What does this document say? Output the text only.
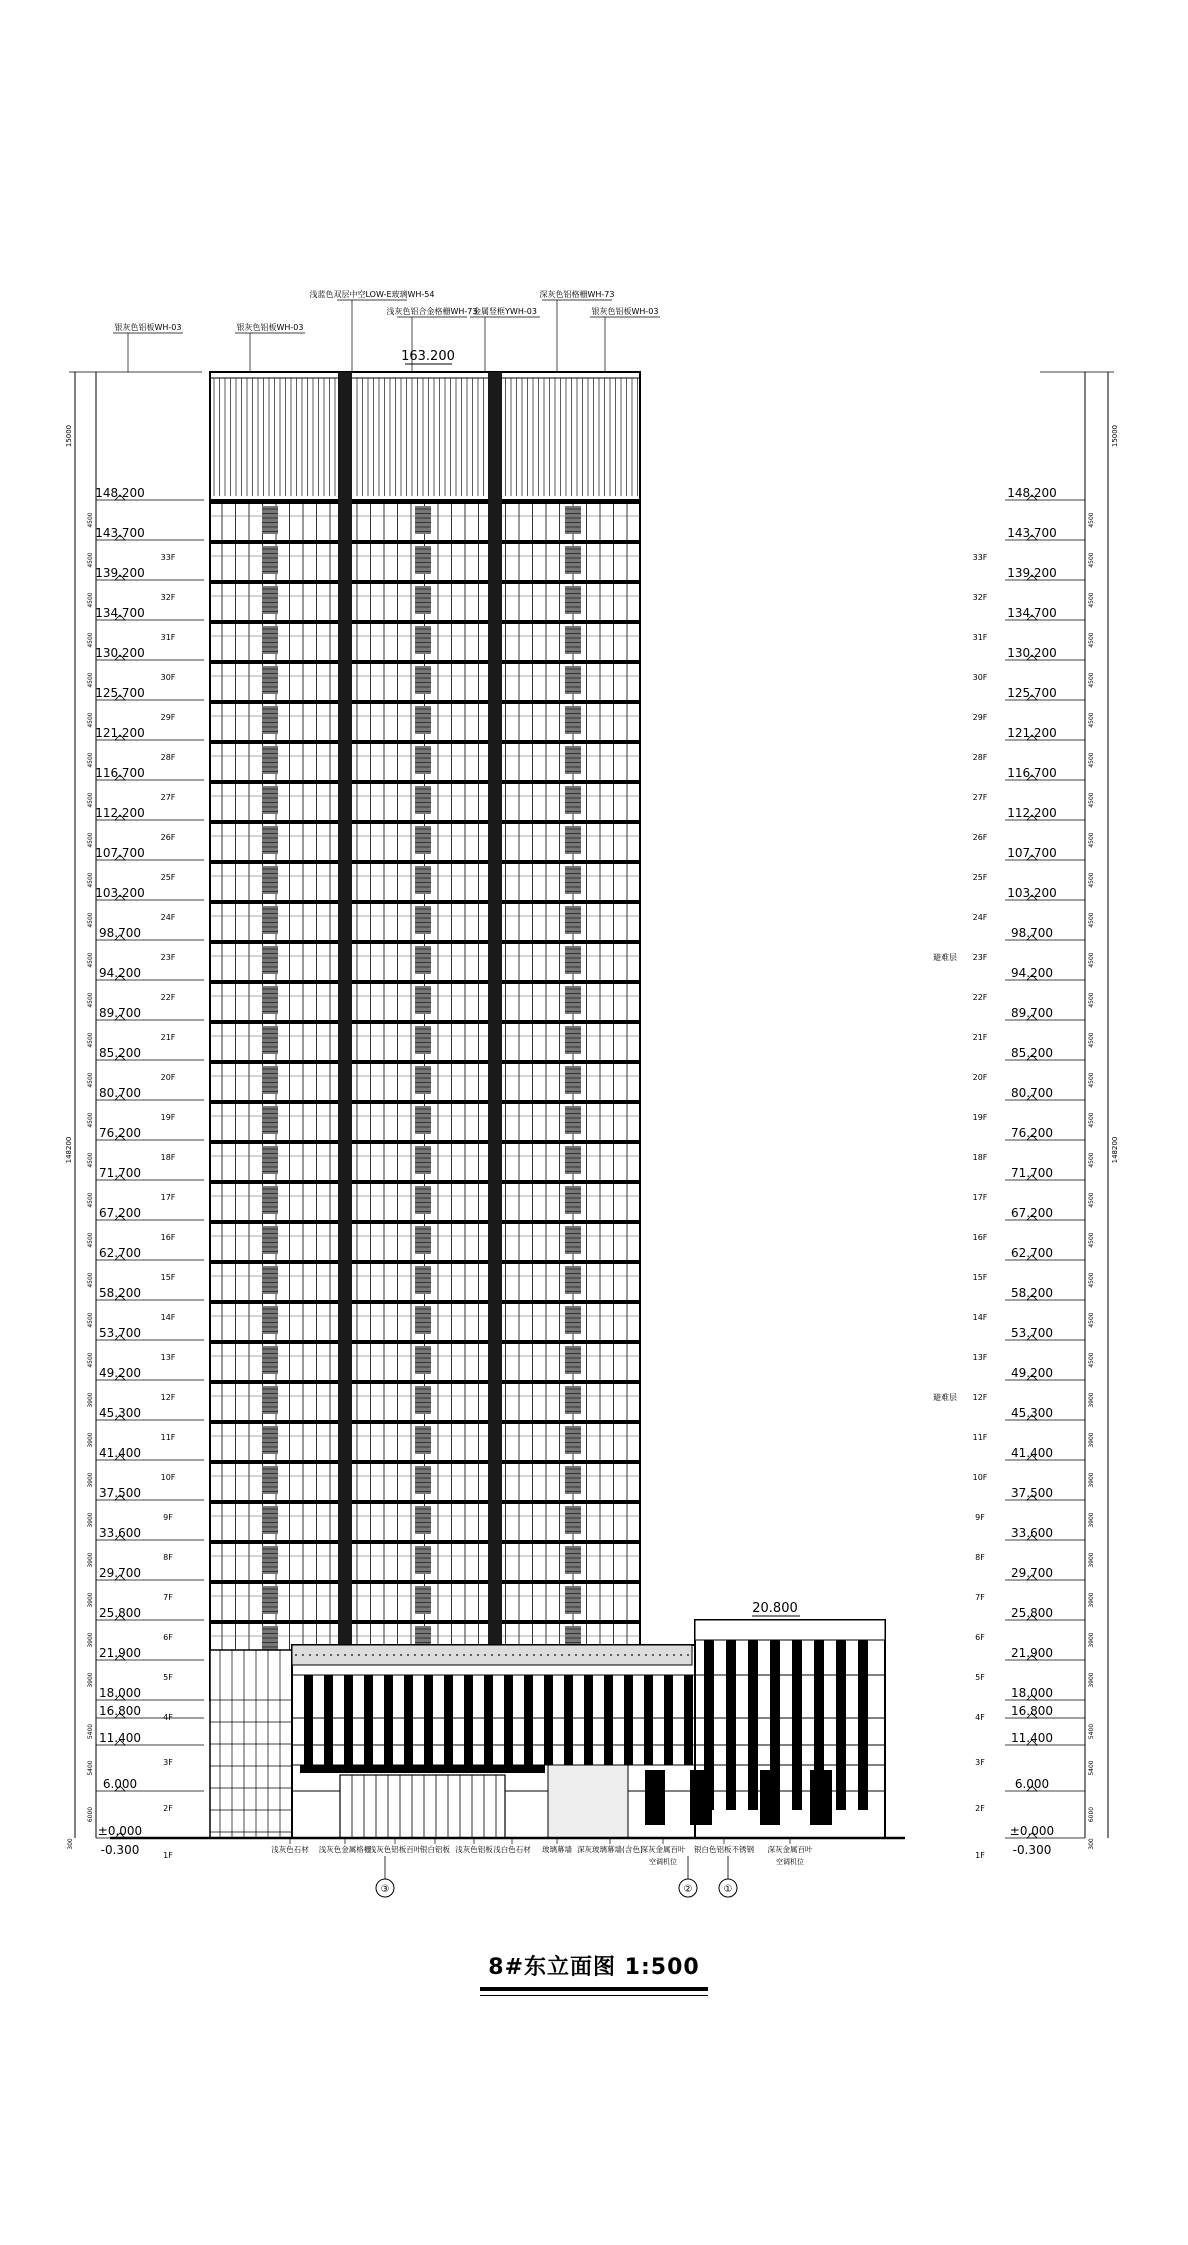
15000
148200
148.200
143.700
33F
4500
139.200
32F
4500
134.700
31F
4500
130.200
30F
4500
125.700
29F
4500
121.200
28F
4500
116.700
27F
4500
112.200
26F
4500
107.700
25F
4500
103.200
24F
4500
98.700
23F
4500
94.200
22F
4500
89.700
21F
4500
85.200
20F
4500
80.700
19F
4500
76.200
18F
4500
71.700
17F
4500
67.200
16F
4500
62.700
15F
4500
58.200
14F
4500
53.700
13F
4500
49.200
12F
4500
45.300
11F
3900
41.400
10F
3900
37.500
9F
3900
33.600
8F
3900
29.700
7F
3900
25.800
6F
3900
21.900
5F
3900
18.000
4F
3900
16.800
11.400
3F
5400
6.000
2F
5400
±0.000
1F
6000
-0.300
300
15000
148200
148.200
143.700
33F
4500
139.200
32F
4500
134.700
31F
4500
130.200
30F
4500
125.700
29F
4500
121.200
28F
4500
116.700
27F
4500
112.200
26F
4500
107.700
25F
4500
103.200
24F
4500
98.700
23F
4500
94.200
22F
4500
89.700
21F
4500
85.200
20F
4500
80.700
19F
4500
76.200
18F
4500
71.700
17F
4500
67.200
16F
4500
62.700
15F
4500
58.200
14F
4500
53.700
13F
4500
49.200
12F
4500
45.300
11F
3900
41.400
10F
3900
37.500
9F
3900
33.600
8F
3900
29.700
7F
3900
25.800
6F
3900
21.900
5F
3900
18.000
4F
3900
16.800
11.400
3F
5400
6.000
2F
5400
±0.000
1F
6000
-0.300	300
避难层
避难层
163.200
20.800
银灰色铝板WH-03	银灰色铝板WH-03
浅蓝色双层中空LOW-E玻璃WH-54
浅灰色铝合金格栅WH-73
金属竖框YWH-03
深灰色铝格栅WH-73
银灰色铝板WH-03
浅灰色石材 浅灰色金属格栅
浅灰色铝板百叶
银白铝板 浅灰色铝板 浅白色石材 玻璃幕墙 深灰玻璃幕墙(含色)
深灰金属百叶 银白色铝板不锈钢 深灰金属百叶
空调机位	空调机位
③	②	①
8#东立面图 1:500
